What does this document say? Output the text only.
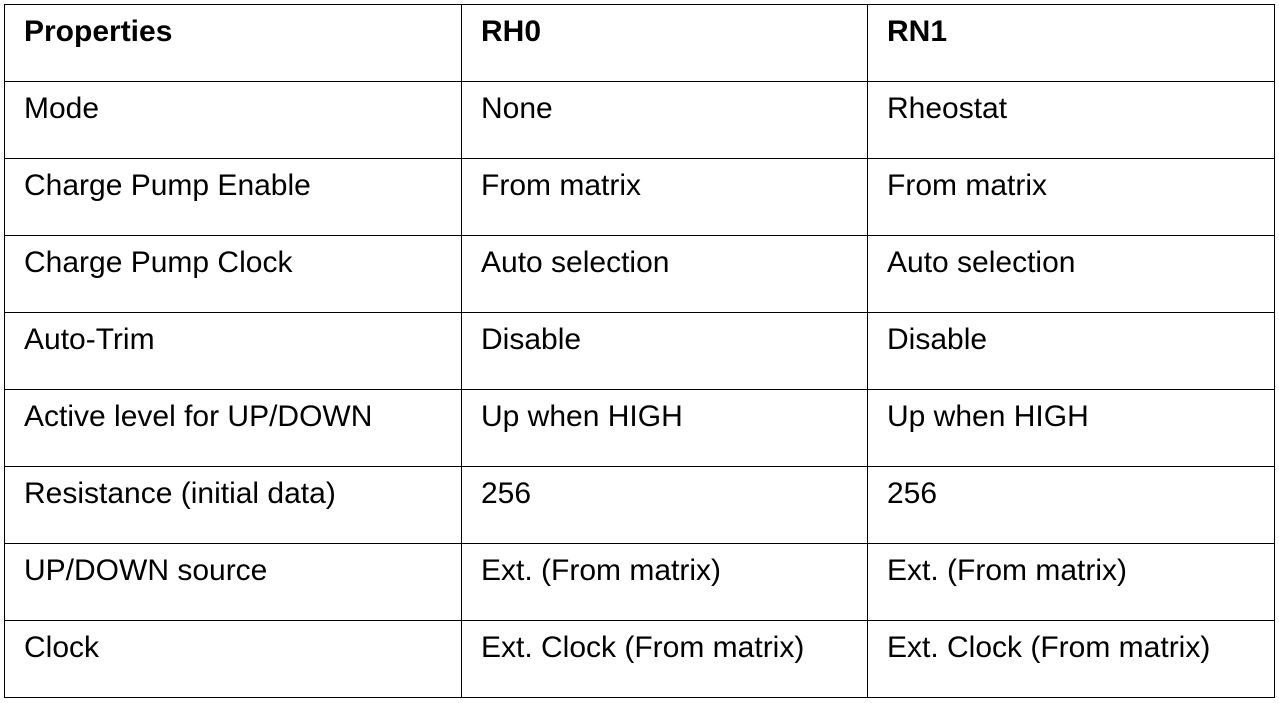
Properties	RH0	RN1

Mode	None	Rheostat

Charge Pump Enable	From matrix	From matrix

Charge Pump Clock	Auto selection	Auto selection

Auto-Trim	Disable	Disable

Active level for UP/DOWN	Up when HIGH	Up when HIGH

Resistance (initial data)	256	256

UP/DOWN source	Ext. (From matrix)	Ext. (From matrix)

Clock	Ext. Clock (From matrix)	Ext. Clock (From matrix)
